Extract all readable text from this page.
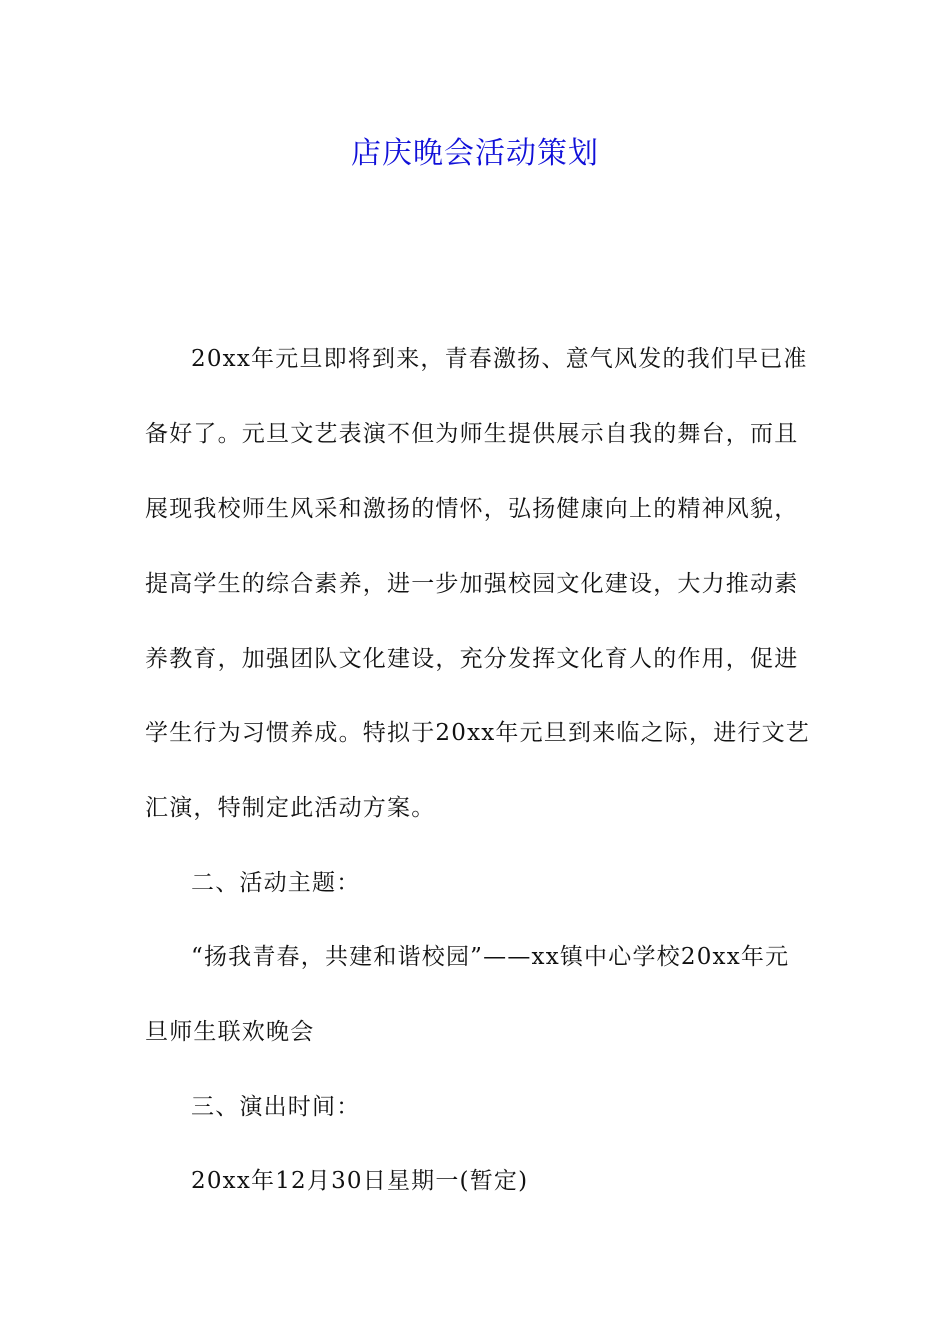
店庆晚会活动策划
20xx年元旦即将到来，青春激扬、意气风发的我们早已准
备好了。元旦文艺表演不但为师生提供展示自我的舞台，而且
展现我校师生风采和激扬的情怀，弘扬健康向上的精神风貌，
提高学生的综合素养，进一步加强校园文化建设，大力推动素
养教育，加强团队文化建设，充分发挥文化育人的作用，促进
学生行为习惯养成。特拟于20xx年元旦到来临之际，进行文艺
汇演，特制定此活动方案。
二、活动主题：
“扬我青春，共建和谐校园”——xx镇中心学校20xx年元
旦师生联欢晚会
三、演出时间：
20xx年12月30日星期一(暂定)
